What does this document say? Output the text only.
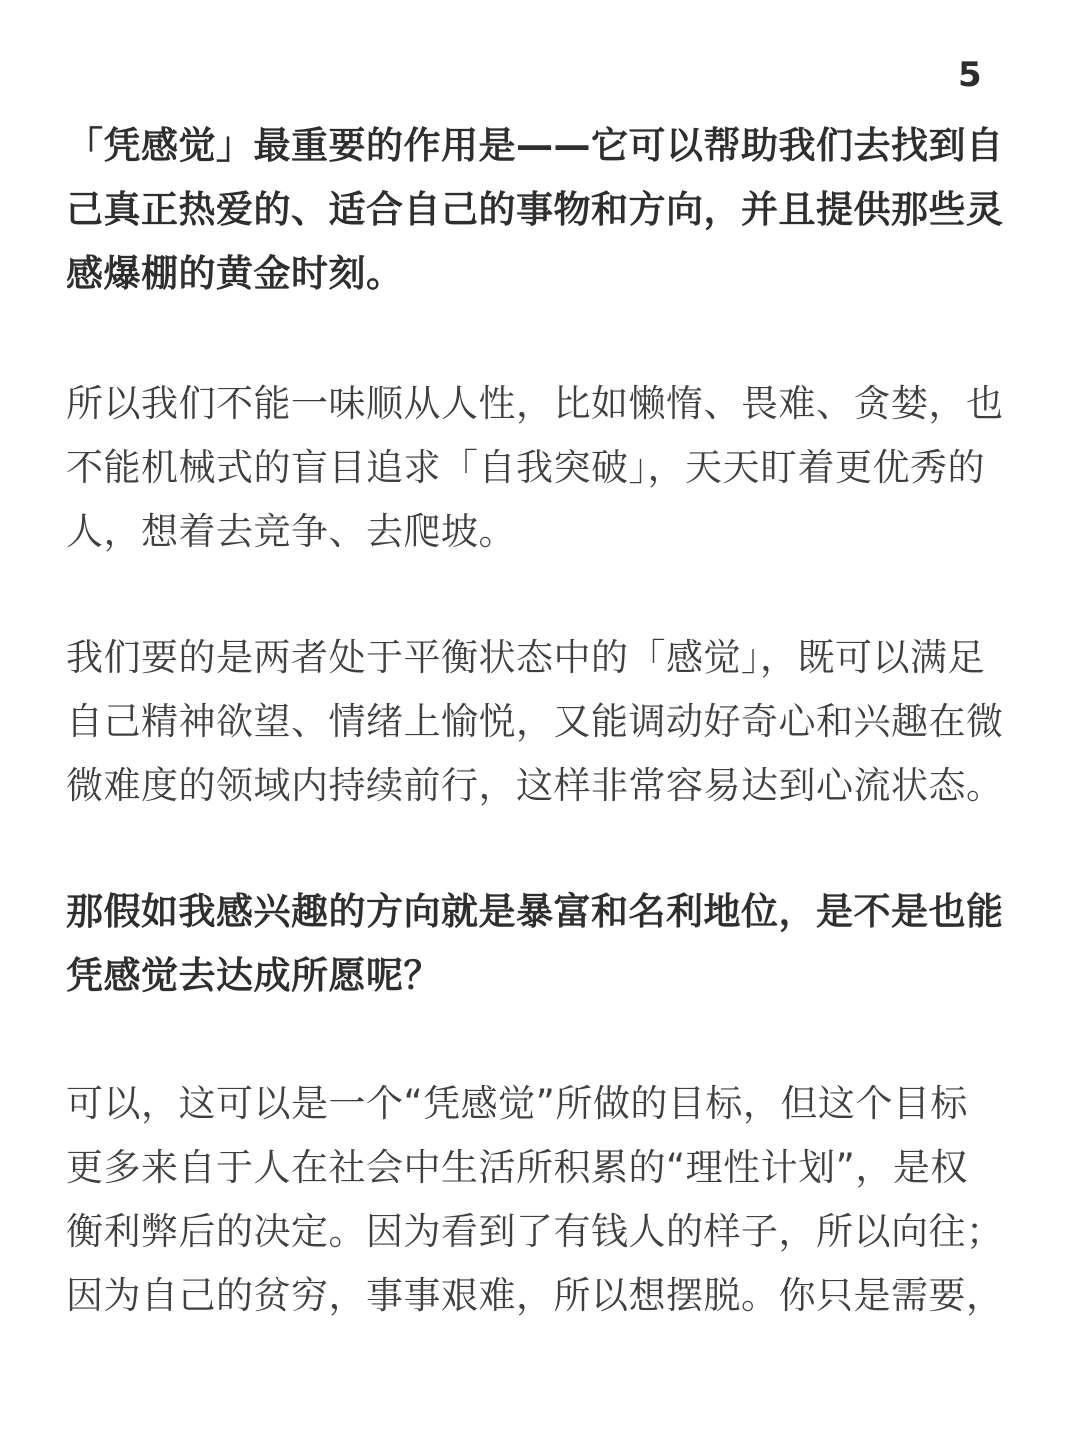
5
「凭感觉」最重要的作用是——它可以帮助我们去找到自
己真正热爱的、适合自己的事物和方向，并且提供那些灵
感爆棚的黄金时刻。
所以我们不能一味顺从人性，比如懒惰、畏难、贪婪，也
不能机械式的盲目追求「自我突破」，天天盯着更优秀的
人，想着去竞争、去爬坡。
我们要的是两者处于平衡状态中的「感觉」，既可以满足
自己精神欲望、情绪上愉悦，又能调动好奇心和兴趣在微
微难度的领域内持续前行，这样非常容易达到心流状态。
那假如我感兴趣的方向就是暴富和名利地位，是不是也能
凭感觉去达成所愿呢？
可以，这可以是一个“凭感觉”所做的目标，但这个目标
更多来自于人在社会中生活所积累的“理性计划”，是权
衡利弊后的决定。因为看到了有钱人的样子，所以向往；
因为自己的贫穷，事事艰难，所以想摆脱。你只是需要，
